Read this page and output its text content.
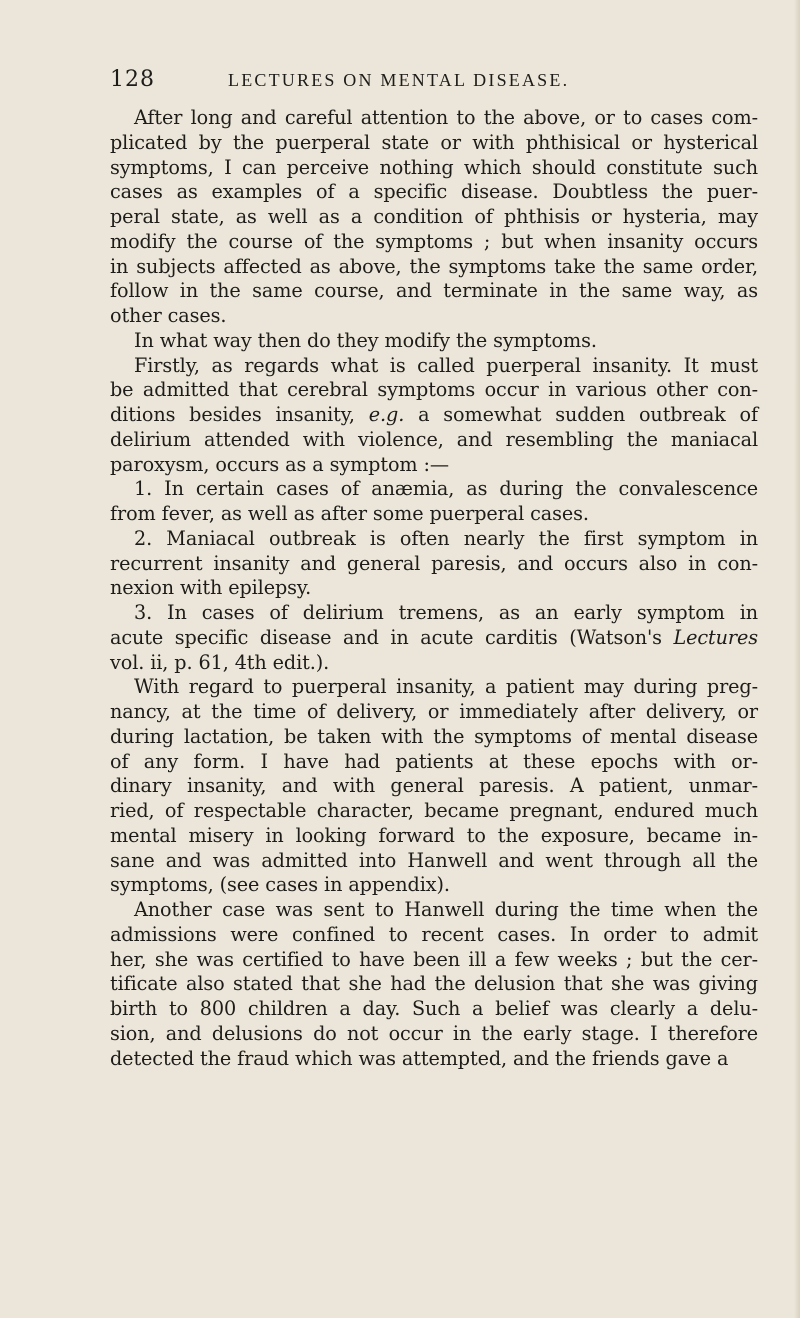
128	LECTURES ON MENTAL DISEASE.
After long and careful attention to the above, or to cases com-
plicated by the puerperal state or with phthisical or hysterical
symptoms, I can perceive nothing which should constitute such
cases as examples of a specific disease. Doubtless the puer-
peral state, as well as a condition of phthisis or hysteria, may
modify the course of the symptoms ; but when insanity occurs
in subjects affected as above, the symptoms take the same order,
follow in the same course, and terminate in the same way, as
other cases.
In what way then do they modify the symptoms.
Firstly, as regards what is called puerperal insanity. It must
be admitted that cerebral symptoms occur in various other con-
ditions besides insanity, e.g. a somewhat sudden outbreak of
delirium attended with violence, and resembling the maniacal
paroxysm, occurs as a symptom :—
1. In certain cases of anæmia, as during the convalescence
from fever, as well as after some puerperal cases.
2. Maniacal outbreak is often nearly the first symptom in
recurrent insanity and general paresis, and occurs also in con-
nexion with epilepsy.
3. In cases of delirium tremens, as an early symptom in
acute specific disease and in acute carditis (Watson's Lectures
vol. ii, p. 61, 4th edit.).
With regard to puerperal insanity, a patient may during preg-
nancy, at the time of delivery, or immediately after delivery, or
during lactation, be taken with the symptoms of mental disease
of any form. I have had patients at these epochs with or-
dinary insanity, and with general paresis. A patient, unmar-
ried, of respectable character, became pregnant, endured much
mental misery in looking forward to the exposure, became in-
sane and was admitted into Hanwell and went through all the
symptoms, (see cases in appendix).
Another case was sent to Hanwell during the time when the
admissions were confined to recent cases. In order to admit
her, she was certified to have been ill a few weeks ; but the cer-
tificate also stated that she had the delusion that she was giving
birth to 800 children a day. Such a belief was clearly a delu-
sion, and delusions do not occur in the early stage. I therefore
detected the fraud which was attempted, and the friends gave a
